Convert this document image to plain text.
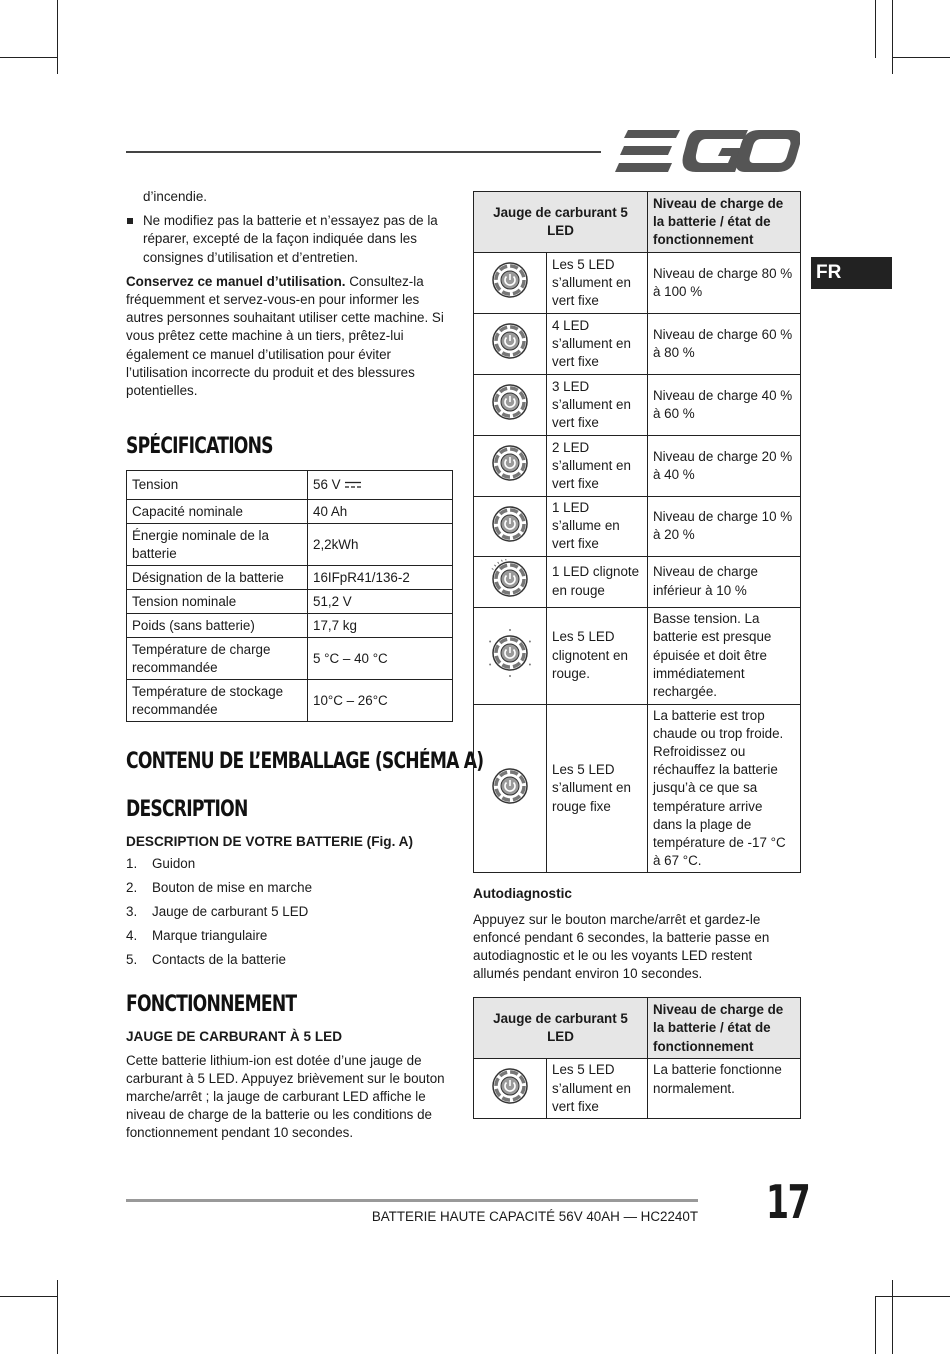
FR

d’incendie.

Ne modifiez pas la batterie et n’essayez pas de la réparer, excepté de la façon indiquée dans les consignes d’utilisation et d’entretien.

Conservez ce manuel d’utilisation. Consultez-la fréquemment et servez-vous-en pour informer les autres personnes souhaitant utiliser cette machine. Si vous prêtez cette machine à un tiers, prêtez-lui également ce manuel d’utilisation pour éviter l’utilisation incorrecte du produit et des blessures potentielles.

SPÉCIFICATIONS
Tension	56 V
Capacité nominale	40 Ah
Énergie nominale de la batterie	2,2kWh
Désignation de la batterie	16IFpR41/136-2
Tension nominale	51,2 V
Poids (sans batterie)	17,7 kg
Température de charge recommandée	5 °C – 40 °C
Température de stockage recommandée	10°C – 26°C
CONTENU DE L’EMBALLAGE (SCHÉMA A)
DESCRIPTION
DESCRIPTION DE VOTRE BATTERIE (Fig. A)
1. Guidon
2. Bouton de mise en marche
3. Jauge de carburant 5 LED
4. Marque triangulaire
5. Contacts de la batterie
FONCTIONNEMENT
JAUGE DE CARBURANT À 5 LED

Cette batterie lithium-ion est dotée d’une jauge de carburant à 5 LED. Appuyez brièvement sur le bouton marche/arrêt ; la jauge de carburant LED affiche le niveau de charge de la batterie ou les conditions de fonctionnement pendant 10 secondes.

Jauge de carburant 5 LED		Niveau de charge de la batterie / état de fonctionnement
	Les 5 LED s’allument en vert fixe	Niveau de charge 80 % à 100 %
	4 LED s’allument en vert fixe	Niveau de charge 60 % à 80 %
	3 LED s’allument en vert fixe	Niveau de charge 40 % à 60 %
	2 LED s’allument en vert fixe	Niveau de charge 20 % à 40 %
	1 LED s’allume en vert fixe	Niveau de charge 10 % à 20 %
	1 LED clignote en rouge	Niveau de charge inférieur à 10 %
	Les 5 LED clignotent en rouge.	Basse tension. La batterie est presque épuisée et doit être immédiatement rechargée.
	Les 5 LED s’allument en rouge fixe	La batterie est trop chaude ou trop froide. Refroidissez ou réchauffez la batterie jusqu’à ce que sa température arrive dans la plage de température de -17 °C à 67 °C.
Autodiagnostic

Appuyez sur le bouton marche/arrêt et gardez-le enfoncé pendant 6 secondes, la batterie passe en autodiagnostic et le ou les voyants LED restent allumés pendant environ 10 secondes.

Jauge de carburant 5 LED		Niveau de charge de la batterie / état de fonctionnement
	Les 5 LED s’allument en vert fixe	La batterie fonctionne normalement.
BATTERIE HAUTE CAPACITÉ 56V 40AH — HC2240T 17
